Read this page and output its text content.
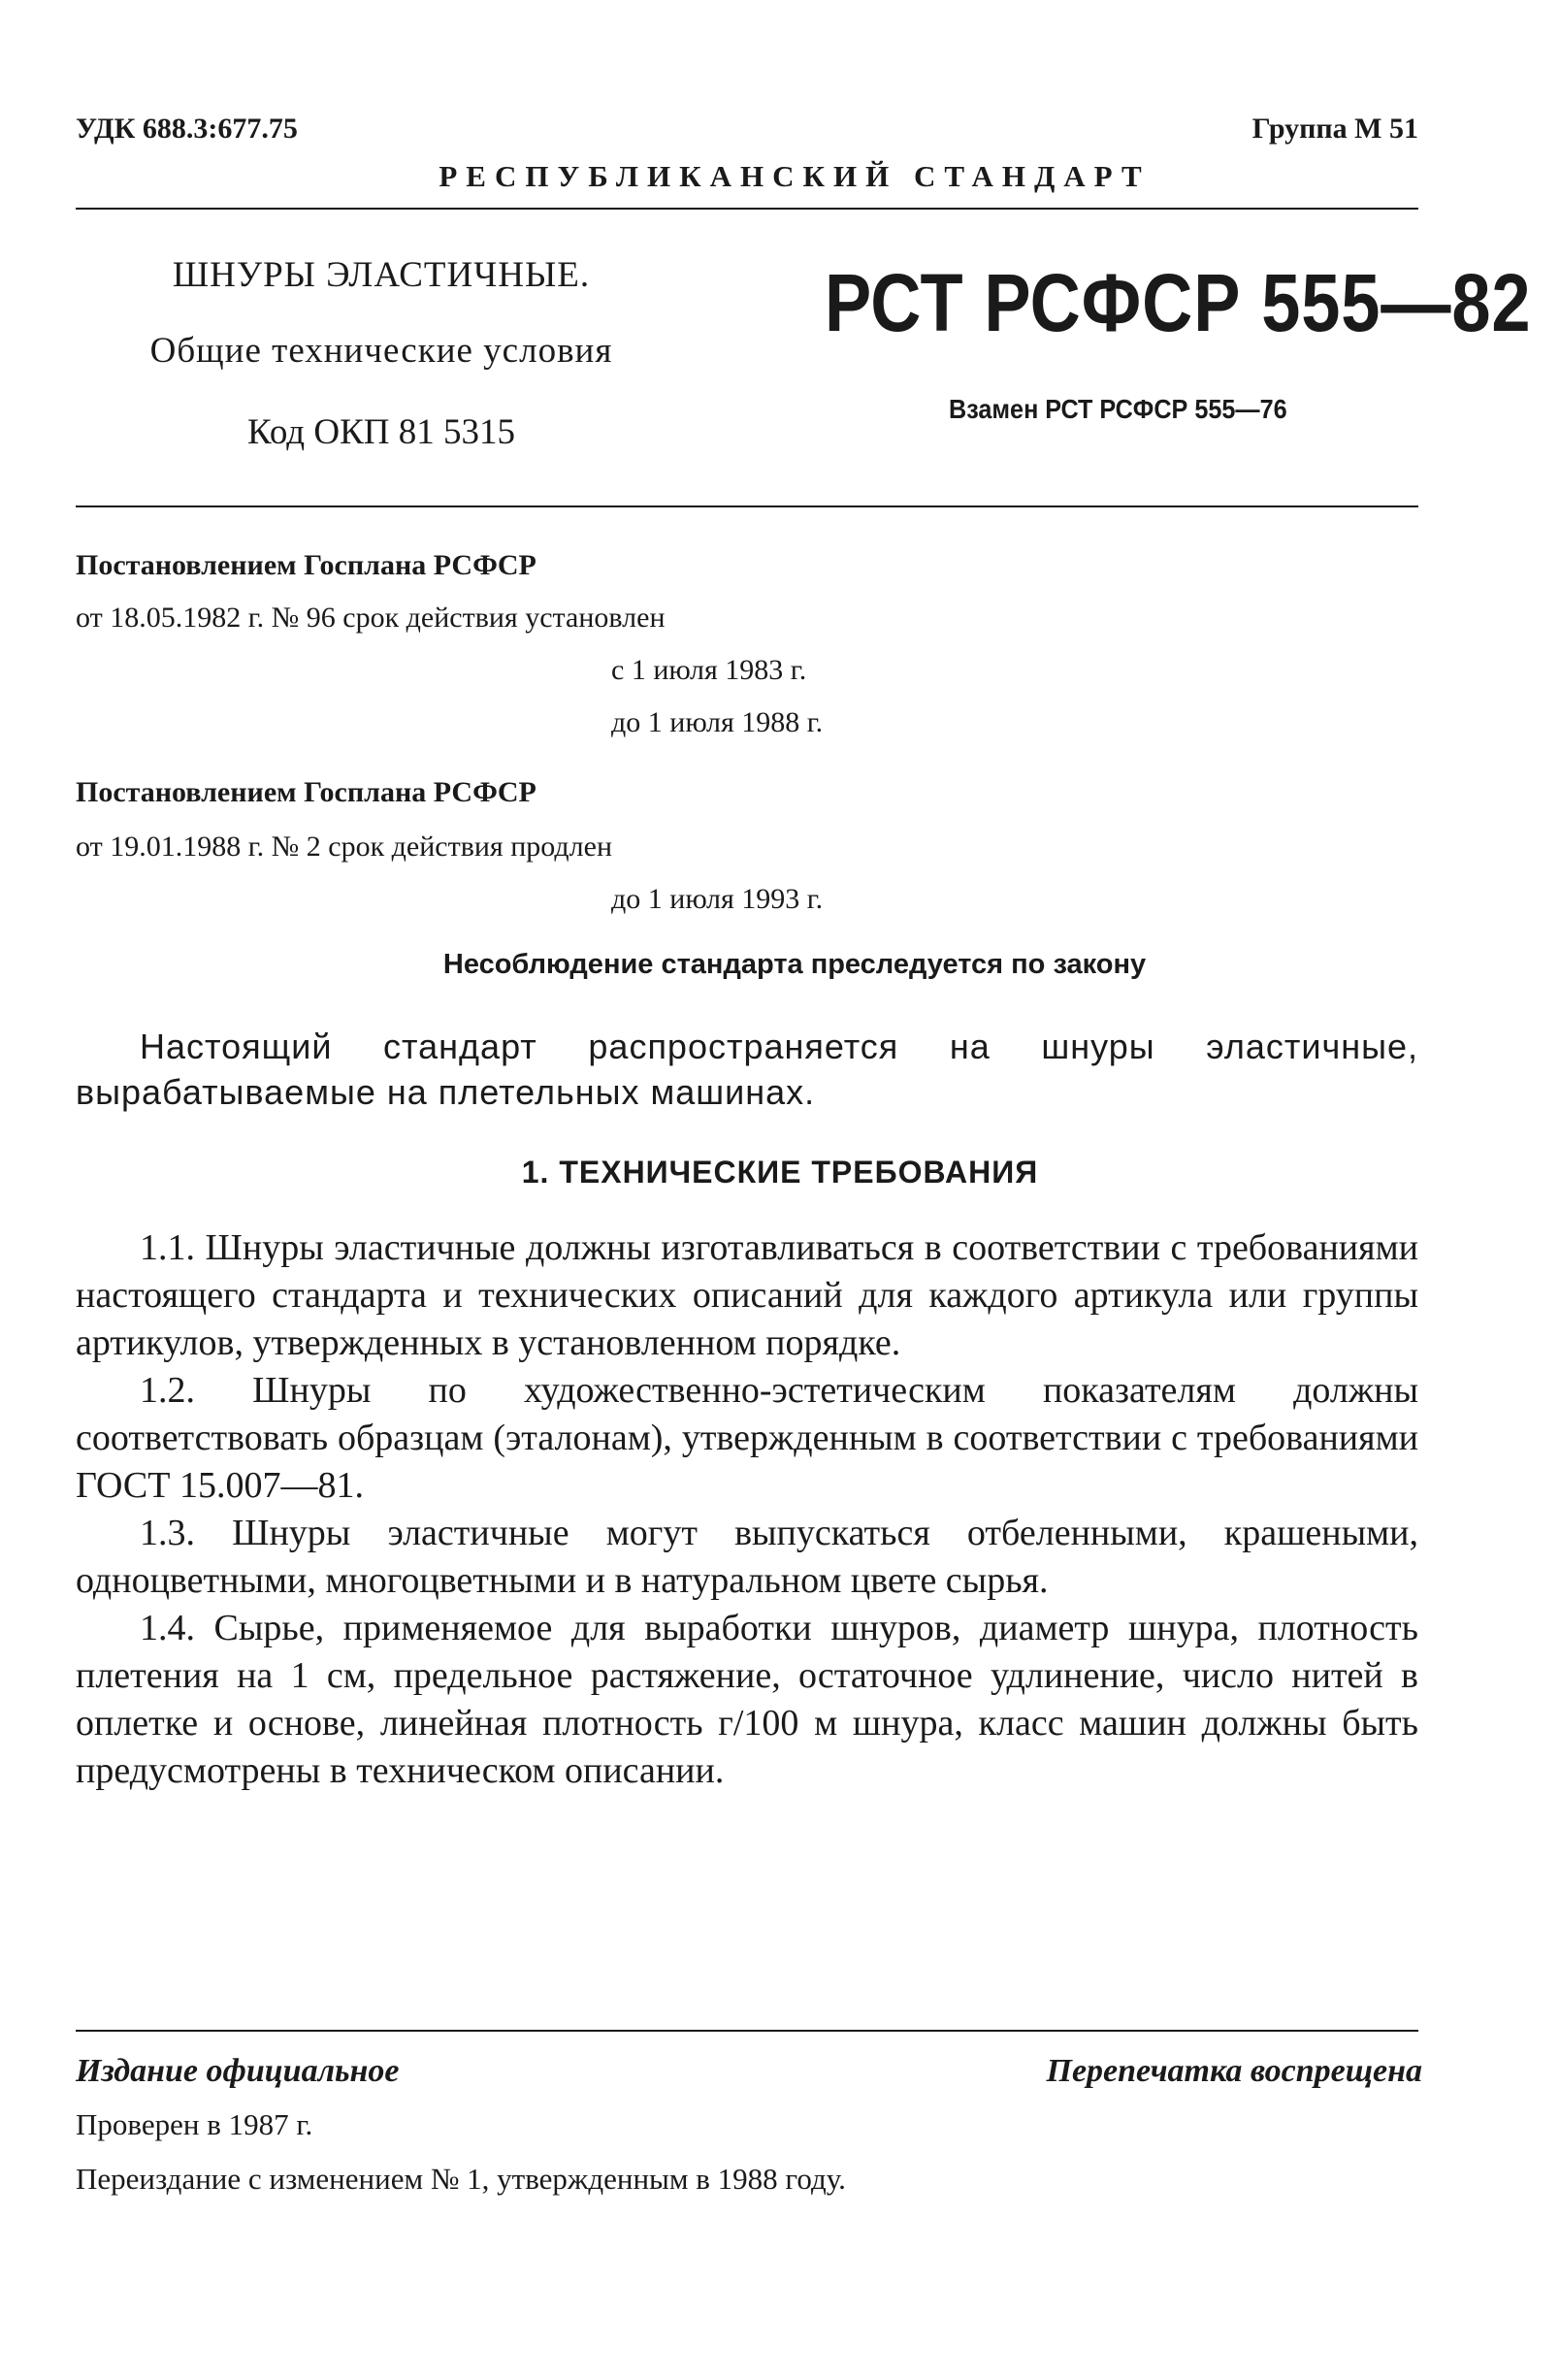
УДК 688.3:677.75	Группа М 51
РЕСПУБЛИКАНСКИЙ СТАНДАРТ
ШНУРЫ ЭЛАСТИЧНЫЕ.
Общие технические условия
Код ОКП 81 5315
РСТ РСФСР 555—82
Взамен РСТ РСФСР 555—76
Постановлением Госплана РСФСР
от 18.05.1982 г. № 96 срок действия установлен
с 1 июля 1983 г.
до 1 июля 1988 г.
Постановлением Госплана РСФСР
от 19.01.1988 г. № 2 срок действия продлен
до 1 июля 1993 г.
Несоблюдение стандарта преследуется по закону

Настоящий стандарт распространяется на шнуры эластичные, вырабатываемые на плетельных машинах.

1. ТЕХНИЧЕСКИЕ ТРЕБОВАНИЯ

1.1. Шнуры эластичные должны изготавливаться в соответствии с требованиями настоящего стандарта и технических описаний для каждого артикула или группы артикулов, утвержденных в установленном порядке.

1.2. Шнуры по художественно-эстетическим показателям должны соответствовать образцам (эталонам), утвержденным в соответствии с требованиями ГОСТ 15.007—81.

1.3. Шнуры эластичные могут выпускаться отбеленными, крашеными, одноцветными, многоцветными и в натуральном цвете сырья.

1.4. Сырье, применяемое для выработки шнуров, диаметр шнура, плотность плетения на 1 см, предельное растяжение, остаточное удлинение, число нитей в оплетке и основе, линейная плотность г/100 м шнура, класс машин должны быть предусмотрены в техническом описании.

Издание официальное	Перепечатка воспрещена
Проверен в 1987 г.
Переиздание с изменением № 1, утвержденным в 1988 году.
